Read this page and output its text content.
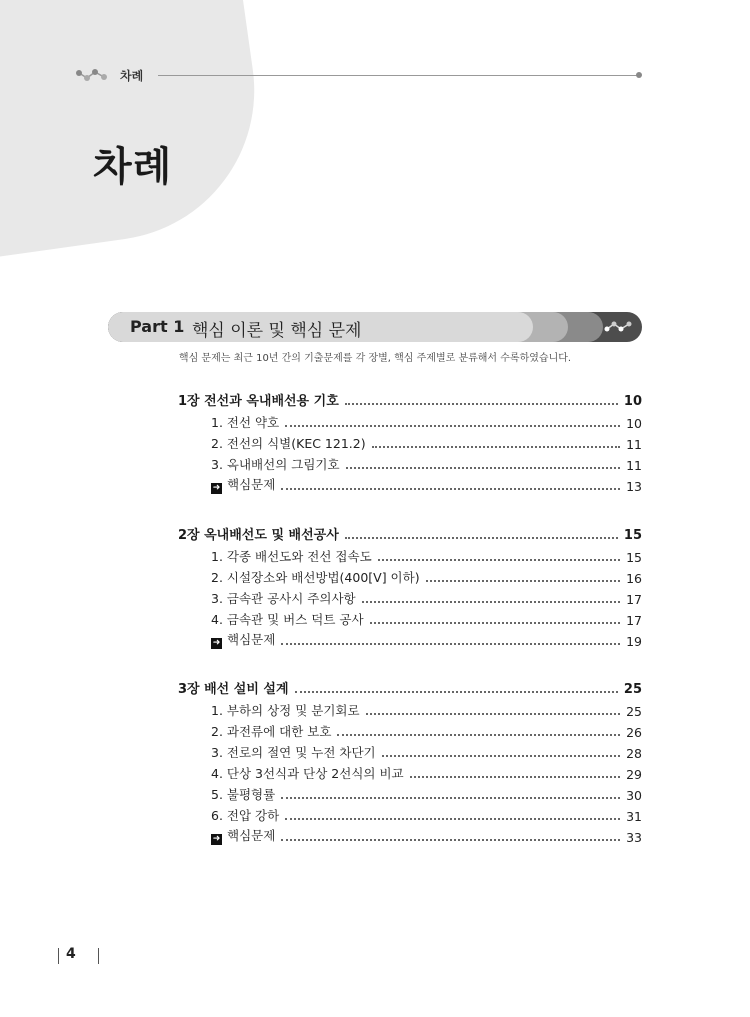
차례
차례
Part 1 핵심 이론 및 핵심 문제
핵심 문제는 최근 10년 간의 기출문제를 각 장별, 핵심 주제별로 분류해서 수록하였습니다.
1장 전선과 옥내배선용 기호	10
1. 전선 약호	10
2. 전선의 식별(KEC 121.2)	11
3. 옥내배선의 그림기호	11
➜ 핵심문제	13
2장 옥내배선도 및 배선공사	15
1. 각종 배선도와 전선 접속도	15
2. 시설장소와 배선방법(400[V] 이하)	16
3. 금속관 공사시 주의사항	17
4. 금속관 및 버스 덕트 공사	17
➜ 핵심문제	19
3장 배선 설비 설계	25
1. 부하의 상정 및 분기회로	25
2. 과전류에 대한 보호	26
3. 전로의 절연 및 누전 차단기	28
4. 단상 3선식과 단상 2선식의 비교	29
5. 불평형률	30
6. 전압 강하	31
➜ 핵심문제	33
4
